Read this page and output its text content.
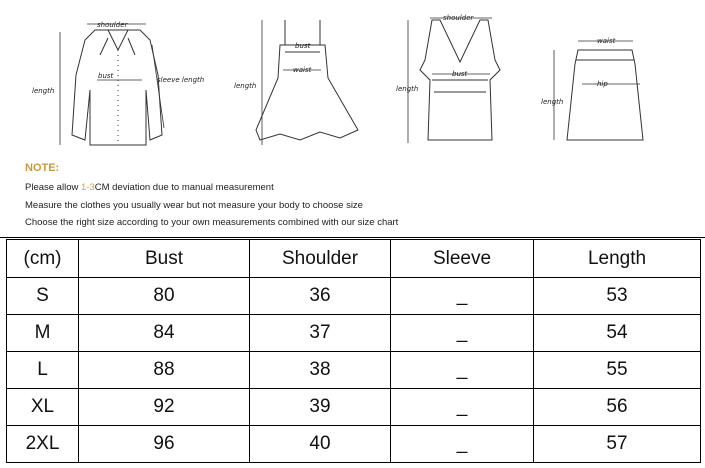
shoulder
bust	sleeve length
length
bust
waist
length
shoulder
bust
length
waist
hip
length
NOTE:
Please allow 1-3CM deviation due to manual measurement
Measure the clothes you usually wear but not measure your body to choose size
Choose the right size according to your own measurements combined with our size chart
(cm)	Bust	Shoulder	Sleeve	Length
S	80	36	_	53
M	84	37	_	54
L	88	38	_	55
XL	92	39	_	56
2XL	96	40	_	57
